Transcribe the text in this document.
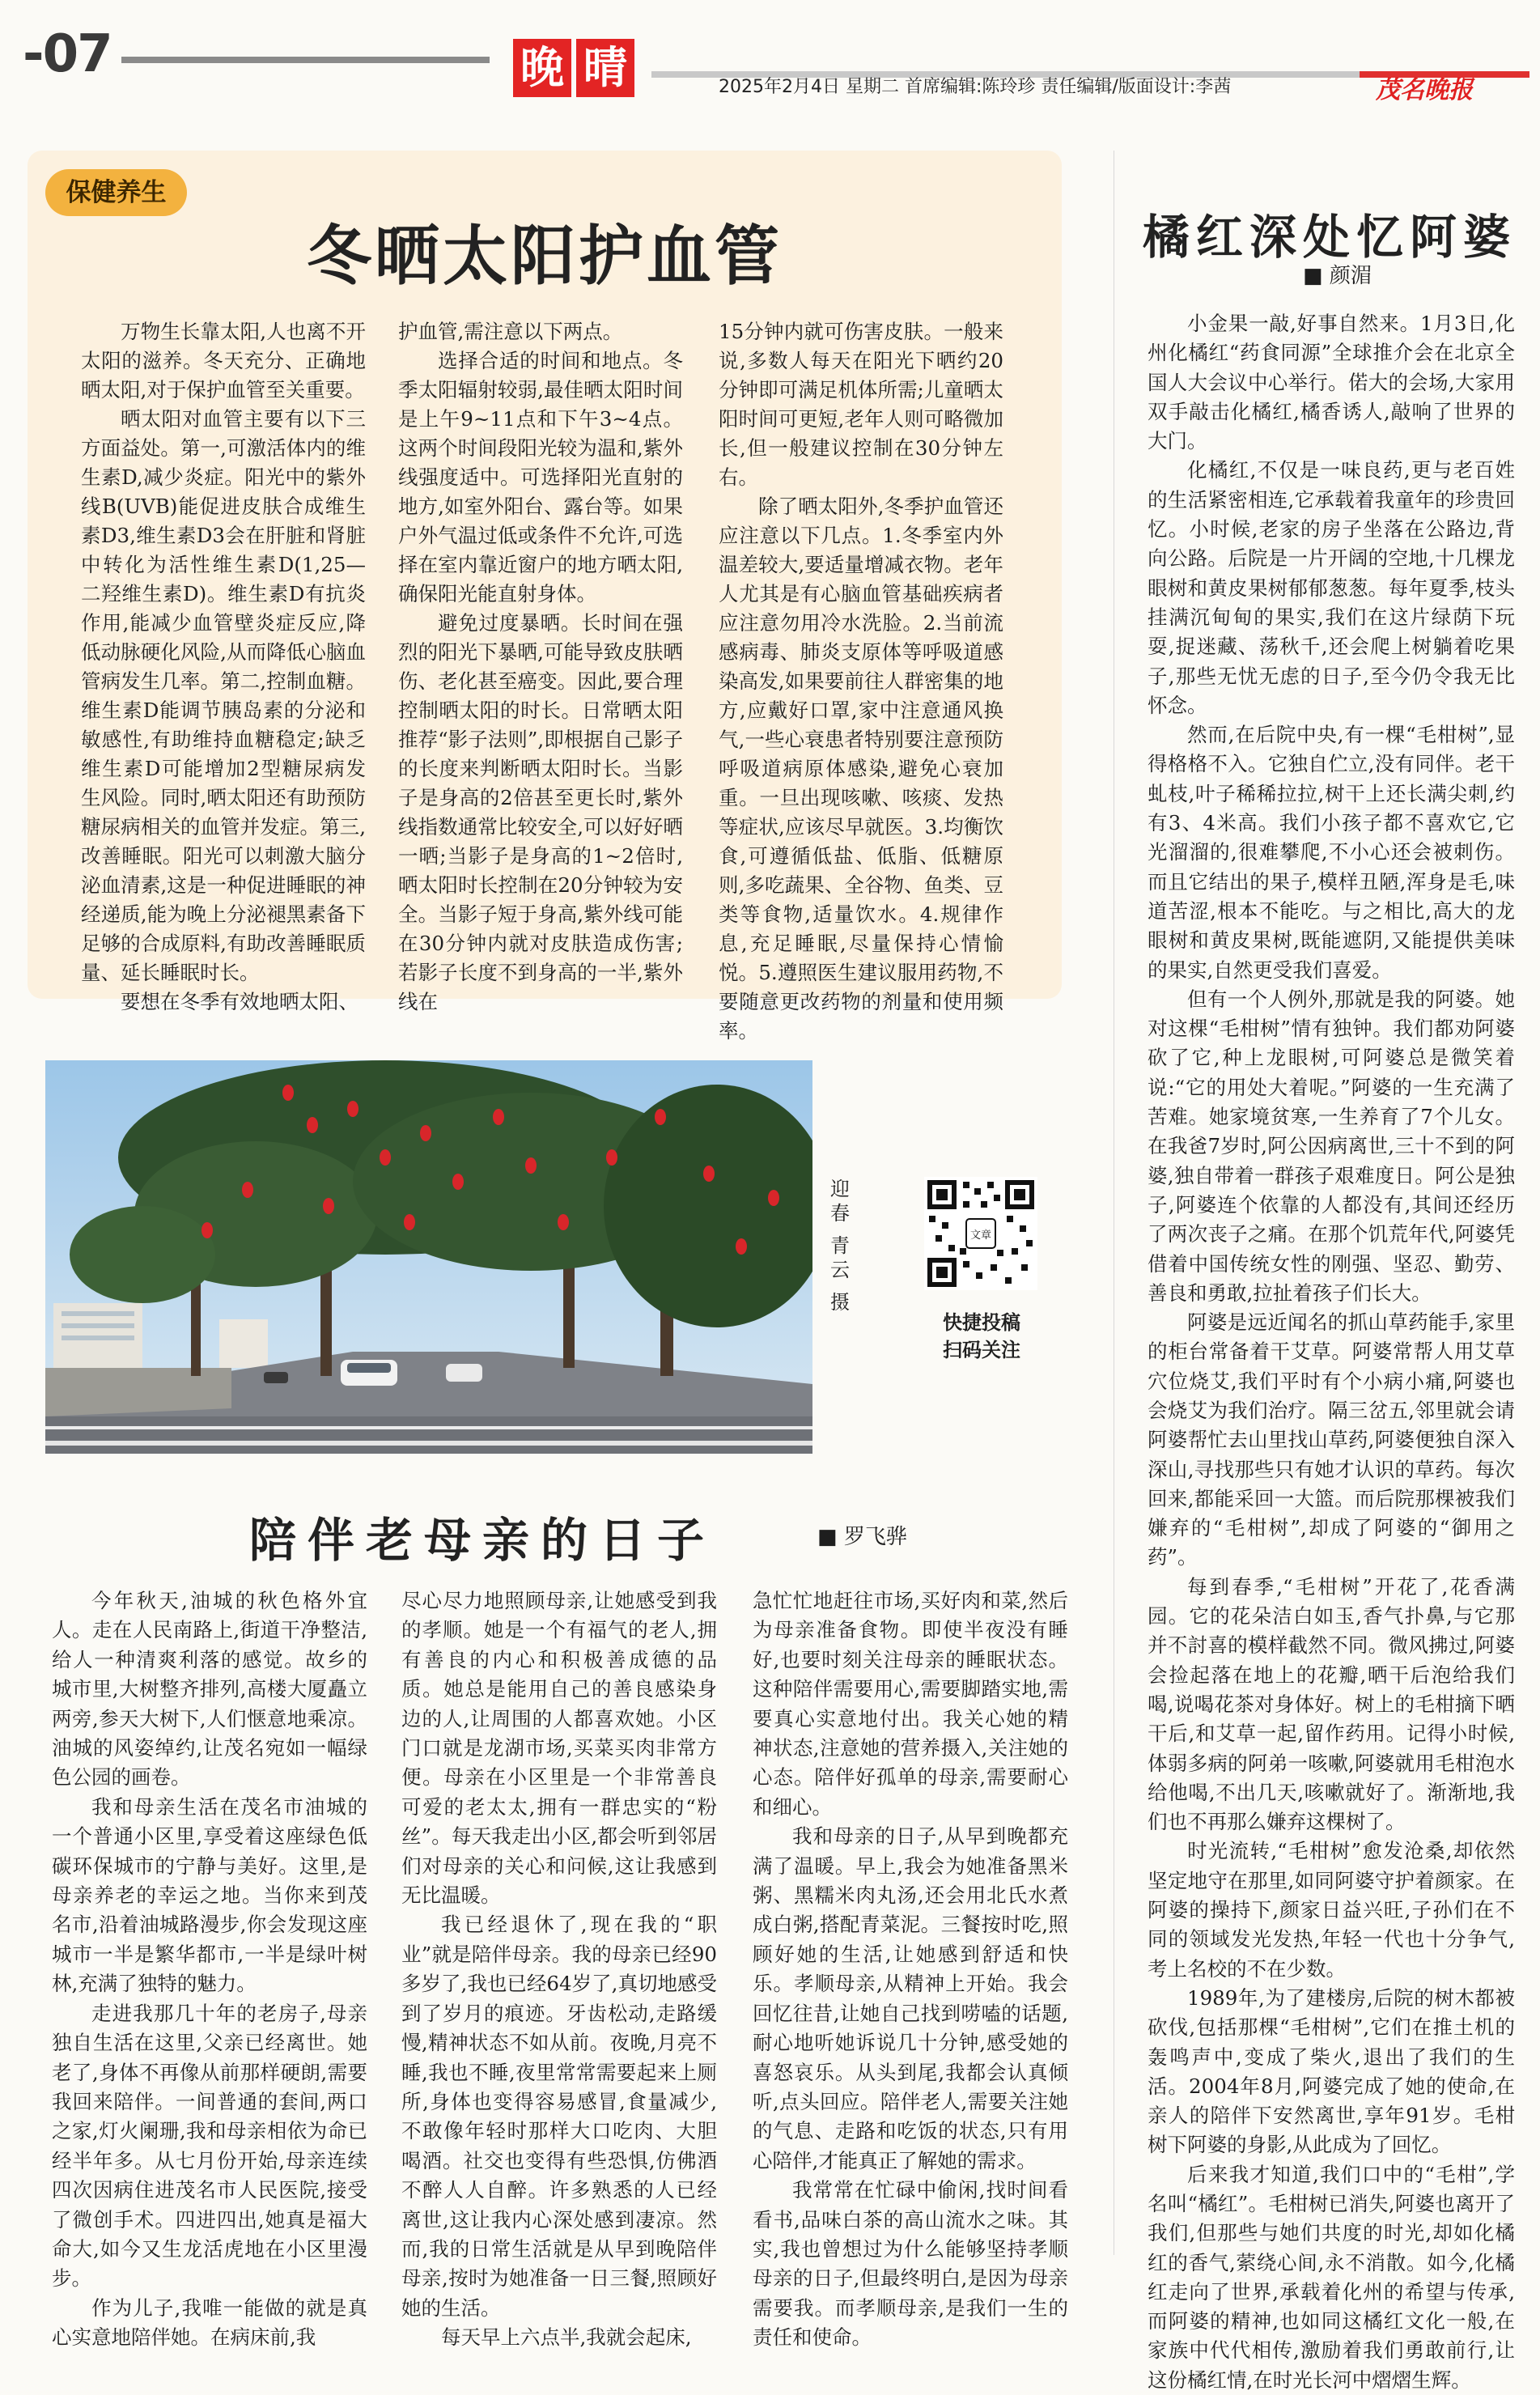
-07	晚 晴	2025年2月4日 星期二 首席编辑:陈玲珍 责任编辑/版面设计:李茜	茂名晚报
保健养生
冬晒太阳护血管

万物生长靠太阳,人也离不开太阳的滋养。冬天充分、正确地晒太阳,对于保护血管至关重要。

晒太阳对血管主要有以下三方面益处。第一,可激活体内的维生素D,减少炎症。阳光中的紫外线B(UVB)能促进皮肤合成维生素D3,维生素D3会在肝脏和肾脏中转化为活性维生素D(1,25—二羟维生素D)。维生素D有抗炎作用,能减少血管壁炎症反应,降低动脉硬化风险,从而降低心脑血管病发生几率。第二,控制血糖。维生素D能调节胰岛素的分泌和敏感性,有助维持血糖稳定;缺乏维生素D可能增加2型糖尿病发生风险。同时,晒太阳还有助预防糖尿病相关的血管并发症。第三,改善睡眠。阳光可以刺激大脑分泌血清素,这是一种促进睡眠的神经递质,能为晚上分泌褪黑素备下足够的合成原料,有助改善睡眠质量、延长睡眠时长。

要想在冬季有效地晒太阳、

护血管,需注意以下两点。

选择合适的时间和地点。冬季太阳辐射较弱,最佳晒太阳时间是上午9~11点和下午3~4点。这两个时间段阳光较为温和,紫外线强度适中。可选择阳光直射的地方,如室外阳台、露台等。如果户外气温过低或条件不允许,可选择在室内靠近窗户的地方晒太阳,确保阳光能直射身体。

避免过度暴晒。长时间在强烈的阳光下暴晒,可能导致皮肤晒伤、老化甚至癌变。因此,要合理控制晒太阳的时长。日常晒太阳推荐“影子法则”,即根据自己影子的长度来判断晒太阳时长。当影子是身高的2倍甚至更长时,紫外线指数通常比较安全,可以好好晒一晒;当影子是身高的1~2倍时,晒太阳时长控制在20分钟较为安全。当影子短于身高,紫外线可能在30分钟内就对皮肤造成伤害;若影子长度不到身高的一半,紫外线在

15分钟内就可伤害皮肤。一般来说,多数人每天在阳光下晒约20分钟即可满足机体所需;儿童晒太阳时间可更短,老年人则可略微加长,但一般建议控制在30分钟左右。

除了晒太阳外,冬季护血管还应注意以下几点。1.冬季室内外温差较大,要适量增减衣物。老年人尤其是有心脑血管基础疾病者应注意勿用冷水洗脸。2.当前流感病毒、肺炎支原体等呼吸道感染高发,如果要前往人群密集的地方,应戴好口罩,家中注意通风换气,一些心衰患者特别要注意预防呼吸道病原体感染,避免心衰加重。一旦出现咳嗽、咳痰、发热等症状,应该尽早就医。3.均衡饮食,可遵循低盐、低脂、低糖原则,多吃蔬果、全谷物、鱼类、豆类等食物,适量饮水。4.规律作息,充足睡眠,尽量保持心情愉悦。5.遵照医生建议服用药物,不要随意更改药物的剂量和使用频率。

橘红深处忆阿婆
■ 颜湄

小金果一敲,好事自然来。1月3日,化州化橘红“药食同源”全球推介会在北京全国人大会议中心举行。偌大的会场,大家用双手敲击化橘红,橘香诱人,敲响了世界的大门。

化橘红,不仅是一味良药,更与老百姓的生活紧密相连,它承载着我童年的珍贵回忆。小时候,老家的房子坐落在公路边,背向公路。后院是一片开阔的空地,十几棵龙眼树和黄皮果树郁郁葱葱。每年夏季,枝头挂满沉甸甸的果实,我们在这片绿荫下玩耍,捉迷藏、荡秋千,还会爬上树躺着吃果子,那些无忧无虑的日子,至今仍令我无比怀念。

然而,在后院中央,有一棵“毛柑树”,显得格格不入。它独自伫立,没有同伴。老干虬枝,叶子稀稀拉拉,树干上还长满尖刺,约有3、4米高。我们小孩子都不喜欢它,它光溜溜的,很难攀爬,不小心还会被刺伤。而且它结出的果子,模样丑陋,浑身是毛,味道苦涩,根本不能吃。与之相比,高大的龙眼树和黄皮果树,既能遮阴,又能提供美味的果实,自然更受我们喜爱。

但有一个人例外,那就是我的阿婆。她对这棵“毛柑树”情有独钟。我们都劝阿婆砍了它,种上龙眼树,可阿婆总是微笑着说:“它的用处大着呢。”阿婆的一生充满了苦难。她家境贫寒,一生养育了7个儿女。在我爸7岁时,阿公因病离世,三十不到的阿婆,独自带着一群孩子艰难度日。阿公是独子,阿婆连个依靠的人都没有,其间还经历了两次丧子之痛。在那个饥荒年代,阿婆凭借着中国传统女性的刚强、坚忍、勤劳、善良和勇敢,拉扯着孩子们长大。

阿婆是远近闻名的抓山草药能手,家里的柜台常备着干艾草。阿婆常帮人用艾草穴位烧艾,我们平时有个小病小痛,阿婆也会烧艾为我们治疗。隔三岔五,邻里就会请阿婆帮忙去山里找山草药,阿婆便独自深入深山,寻找那些只有她才认识的草药。每次回来,都能采回一大篮。而后院那棵被我们嫌弃的“毛柑树”,却成了阿婆的“御用之药”。

每到春季,“毛柑树”开花了,花香满园。它的花朵洁白如玉,香气扑鼻,与它那并不討喜的模样截然不同。微风拂过,阿婆会捡起落在地上的花瓣,晒干后泡给我们喝,说喝花茶对身体好。树上的毛柑摘下晒干后,和艾草一起,留作药用。记得小时候,体弱多病的阿弟一咳嗽,阿婆就用毛柑泡水给他喝,不出几天,咳嗽就好了。渐渐地,我们也不再那么嫌弃这棵树了。

时光流转,“毛柑树”愈发沧桑,却依然坚定地守在那里,如同阿婆守护着颜家。在阿婆的操持下,颜家日益兴旺,子孙们在不同的领域发光发热,年轻一代也十分争气,考上名校的不在少数。

1989年,为了建楼房,后院的树木都被砍伐,包括那棵“毛柑树”,它们在推土机的轰鸣声中,变成了柴火,退出了我们的生活。2004年8月,阿婆完成了她的使命,在亲人的陪伴下安然离世,享年91岁。毛柑树下阿婆的身影,从此成为了回忆。

后来我才知道,我们口中的“毛柑”,学名叫“橘红”。毛柑树已消失,阿婆也离开了我们,但那些与她们共度的时光,却如化橘红的香气,萦绕心间,永不消散。如今,化橘红走向了世界,承载着化州的希望与传承,而阿婆的精神,也如同这橘红文化一般,在家族中代代相传,激励着我们勇敢前行,让这份橘红情,在时光长河中熠熠生辉。

迎
春
青
云
摄
文章
快捷投稿
扫码关注
陪伴老母亲的日子	■ 罗飞骅

今年秋天,油城的秋色格外宜人。走在人民南路上,街道干净整洁,给人一种清爽利落的感觉。故乡的城市里,大树整齐排列,高楼大厦矗立两旁,参天大树下,人们惬意地乘凉。油城的风姿绰约,让茂名宛如一幅绿色公园的画卷。

我和母亲生活在茂名市油城的一个普通小区里,享受着这座绿色低碳环保城市的宁静与美好。这里,是母亲养老的幸运之地。当你来到茂名市,沿着油城路漫步,你会发现这座城市一半是繁华都市,一半是绿叶树林,充满了独特的魅力。

走进我那几十年的老房子,母亲独自生活在这里,父亲已经离世。她老了,身体不再像从前那样硬朗,需要我回来陪伴。一间普通的套间,两口之家,灯火阑珊,我和母亲相依为命已经半年多。从七月份开始,母亲连续四次因病住进茂名市人民医院,接受了微创手术。四进四出,她真是福大命大,如今又生龙活虎地在小区里漫步。

作为儿子,我唯一能做的就是真心实意地陪伴她。在病床前,我

尽心尽力地照顾母亲,让她感受到我的孝顺。她是一个有福气的老人,拥有善良的内心和积极善成德的品质。她总是能用自己的善良感染身边的人,让周围的人都喜欢她。小区门口就是龙湖市场,买菜买肉非常方便。母亲在小区里是一个非常善良可爱的老太太,拥有一群忠实的“粉丝”。每天我走出小区,都会听到邻居们对母亲的关心和问候,这让我感到无比温暖。

我已经退休了,现在我的“职业”就是陪伴母亲。我的母亲已经90多岁了,我也已经64岁了,真切地感受到了岁月的痕迹。牙齿松动,走路缓慢,精神状态不如从前。夜晚,月亮不睡,我也不睡,夜里常常需要起来上厕所,身体也变得容易感冒,食量减少,不敢像年轻时那样大口吃肉、大胆喝酒。社交也变得有些恐惧,仿佛酒不醉人人自醉。许多熟悉的人已经离世,这让我内心深处感到凄凉。然而,我的日常生活就是从早到晚陪伴母亲,按时为她准备一日三餐,照顾好她的生活。

每天早上六点半,我就会起床,

急忙忙地赶往市场,买好肉和菜,然后为母亲准备食物。即使半夜没有睡好,也要时刻关注母亲的睡眠状态。这种陪伴需要用心,需要脚踏实地,需要真心实意地付出。我关心她的精神状态,注意她的营养摄入,关注她的心态。陪伴好孤单的母亲,需要耐心和细心。

我和母亲的日子,从早到晚都充满了温暖。早上,我会为她准备黑米粥、黑糯米肉丸汤,还会用北氏水煮成白粥,搭配青菜泥。三餐按时吃,照顾好她的生活,让她感到舒适和快乐。孝顺母亲,从精神上开始。我会回忆往昔,让她自己找到唠嗑的话题,耐心地听她诉说几十分钟,感受她的喜怒哀乐。从头到尾,我都会认真倾听,点头回应。陪伴老人,需要关注她的气息、走路和吃饭的状态,只有用心陪伴,才能真正了解她的需求。

我常常在忙碌中偷闲,找时间看看书,品味白茶的高山流水之味。其实,我也曾想过为什么能够坚持孝顺母亲的日子,但最终明白,是因为母亲需要我。而孝顺母亲,是我们一生的责任和使命。
